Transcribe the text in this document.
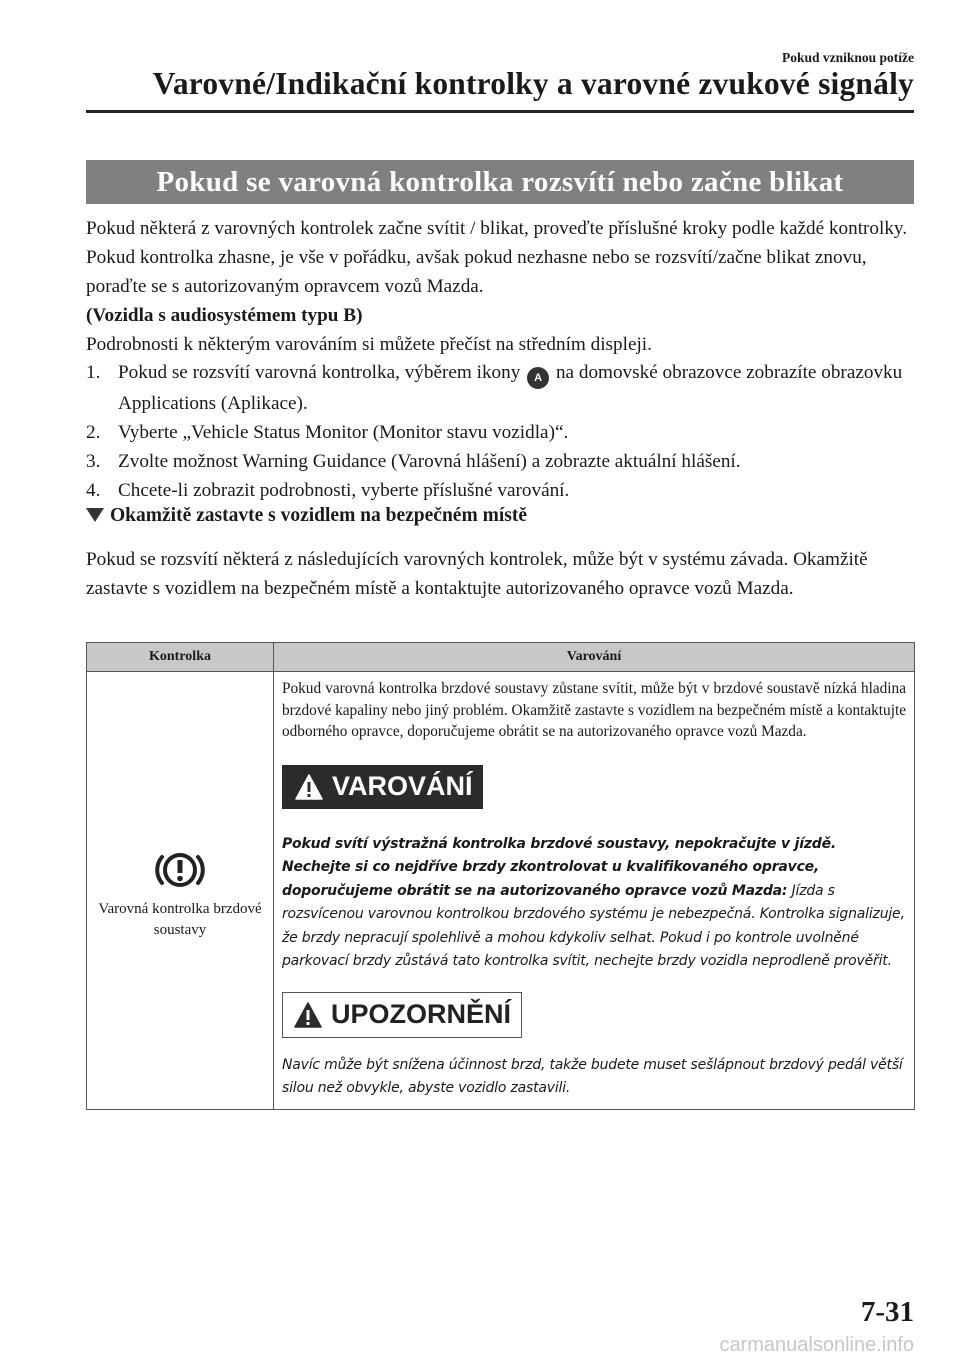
Pokud vzniknou potíže
Varovné/Indikační kontrolky a varovné zvukové signály
Pokud se varovná kontrolka rozsvítí nebo začne blikat
Pokud některá z varovných kontrolek začne svítit / blikat, proveďte příslušné kroky podle každé kontrolky. Pokud kontrolka zhasne, je vše v pořádku, avšak pokud nezhasne nebo se rozsvítí/začne blikat znovu, poraďte se s autorizovaným opravcem vozů Mazda.
(Vozidla s audiosystémem typu B)
Podrobnosti k některým varováním si můžete přečíst na středním displeji.
1. Pokud se rozsvítí varovná kontrolka, výběrem ikony A na domovské obrazovce zobrazíte obrazovku Applications (Aplikace).
2. Vyberte „Vehicle Status Monitor (Monitor stavu vozidla)“.
3. Zvolte možnost Warning Guidance (Varovná hlášení) a zobrazte aktuální hlášení.
4. Chcete-li zobrazit podrobnosti, vyberte příslušné varování.
Okamžitě zastavte s vozidlem na bezpečném místě
Pokud se rozsvítí některá z následujících varovných kontrolek, může být v systému závada. Okamžitě zastavte s vozidlem na bezpečném místě a kontaktujte autorizovaného opravce vozů Mazda.
Kontrolka	Varování

Varovná kontrolka brzdové soustavy	Pokud varovná kontrolka brzdové soustavy zůstane svítit, může být v brzdové soustavě nízká hladina brzdové kapaliny nebo jiný problém. Okamžitě zastavte s vozidlem na bezpečném místě a kontaktujte odborného opravce, doporučujeme obrátit se na autorizovaného opravce vozů Mazda.
VAROVÁNÍ
Pokud svítí výstražná kontrolka brzdové soustavy, nepokračujte v jízdě. Nechejte si co nejdříve brzdy zkontrolovat u kvalifikovaného opravce, doporučujeme obrátit se na autorizovaného opravce vozů Mazda: Jízda s rozsvícenou varovnou kontrolkou brzdového systému je nebezpečná. Kontrolka signalizuje, že brzdy nepracují spolehlivě a mohou kdykoliv selhat. Pokud i po kontrole uvolněné parkovací brzdy zůstává tato kontrolka svítit, nechejte brzdy vozidla neprodleně prověřit.
UPOZORNĚNÍ
Navíc může být snížena účinnost brzd, takže budete muset sešlápnout brzdový pedál větší silou než obvykle, abyste vozidlo zastavili.
7-31
carmanualsonline.info
